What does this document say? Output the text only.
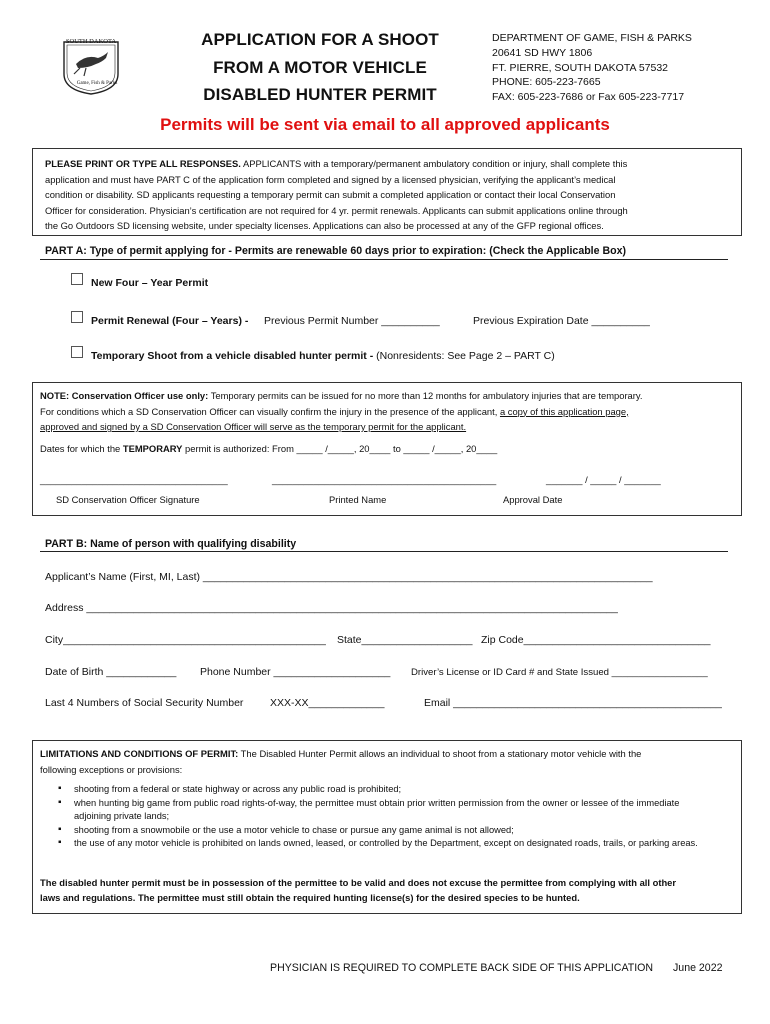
SOUTH DAKOTA
Game, Fish & Parks
APPLICATION FOR A SHOOT
FROM A MOTOR VEHICLE
DISABLED HUNTER PERMIT
DEPARTMENT OF GAME, FISH & PARKS
20641 SD HWY 1806
FT. PIERRE, SOUTH DAKOTA 57532
PHONE: 605-223-7665
FAX: 605-223-7686 or Fax 605-223-7717
Permits will be sent via email to all approved applicants
PLEASE PRINT OR TYPE ALL RESPONSES. APPLICANTS with a temporary/permanent ambulatory condition or injury, shall complete this
application and must have PART C of the application form completed and signed by a licensed physician, verifying the applicant’s medical
condition or disability. SD applicants requesting a temporary permit can submit a completed application or contact their local Conservation
Officer for consideration. Physician’s certification are not required for 4 yr. permit renewals. Applicants can submit applications online through
the Go Outdoors SD licensing website, under specialty licenses. Applications can also be processed at any of the GFP regional offices.
PART A: Type of permit applying for - Permits are renewable 60 days prior to expiration: (Check the Applicable Box)
New Four – Year Permit
Permit Renewal (Four – Years) - Previous Permit Number __________	Previous Expiration Date __________
Temporary Shoot from a vehicle disabled hunter permit - (Nonresidents: See Page 2 – PART C)
NOTE: Conservation Officer use only: Temporary permits can be issued for no more than 12 months for ambulatory injuries that are temporary.
For conditions which a SD Conservation Officer can visually confirm the injury in the presence of the applicant, a copy of this application page,
approved and signed by a SD Conservation Officer will serve as the temporary permit for the applicant.
Dates for which the TEMPORARY permit is authorized: From _____ /_____, 20____ to _____ /_____, 20____
____________________________________	___________________________________________	_______ / _____ / _______
SD Conservation Officer Signature	Printed Name	Approval Date
PART B: Name of person with qualifying disability
Applicant’s Name (First, MI, Last) _____________________________________________________________________________
Address ___________________________________________________________________________________________
City_____________________________________________ State___________________ Zip Code________________________________
Date of Birth ____________ Phone Number ____________________ Driver’s License or ID Card # and State Issued __________________
Last 4 Numbers of Social Security Number	XXX-XX_____________	Email ______________________________________________
LIMITATIONS AND CONDITIONS OF PERMIT: The Disabled Hunter Permit allows an individual to shoot from a stationary motor vehicle with the
following exceptions or provisions:
▪ shooting from a federal or state highway or across any public road is prohibited;
▪ when hunting big game from public road rights-of-way, the permittee must obtain prior written permission from the owner or lessee of the immediate adjoining private lands;
▪ shooting from a snowmobile or the use a motor vehicle to chase or pursue any game animal is not allowed;
▪ the use of any motor vehicle is prohibited on lands owned, leased, or controlled by the Department, except on designated roads, trails, or parking areas.
The disabled hunter permit must be in possession of the permittee to be valid and does not excuse the permittee from complying with all other
laws and regulations. The permittee must still obtain the required hunting license(s) for the desired species to be hunted.
PHYSICIAN IS REQUIRED TO COMPLETE BACK SIDE OF THIS APPLICATION June 2022
